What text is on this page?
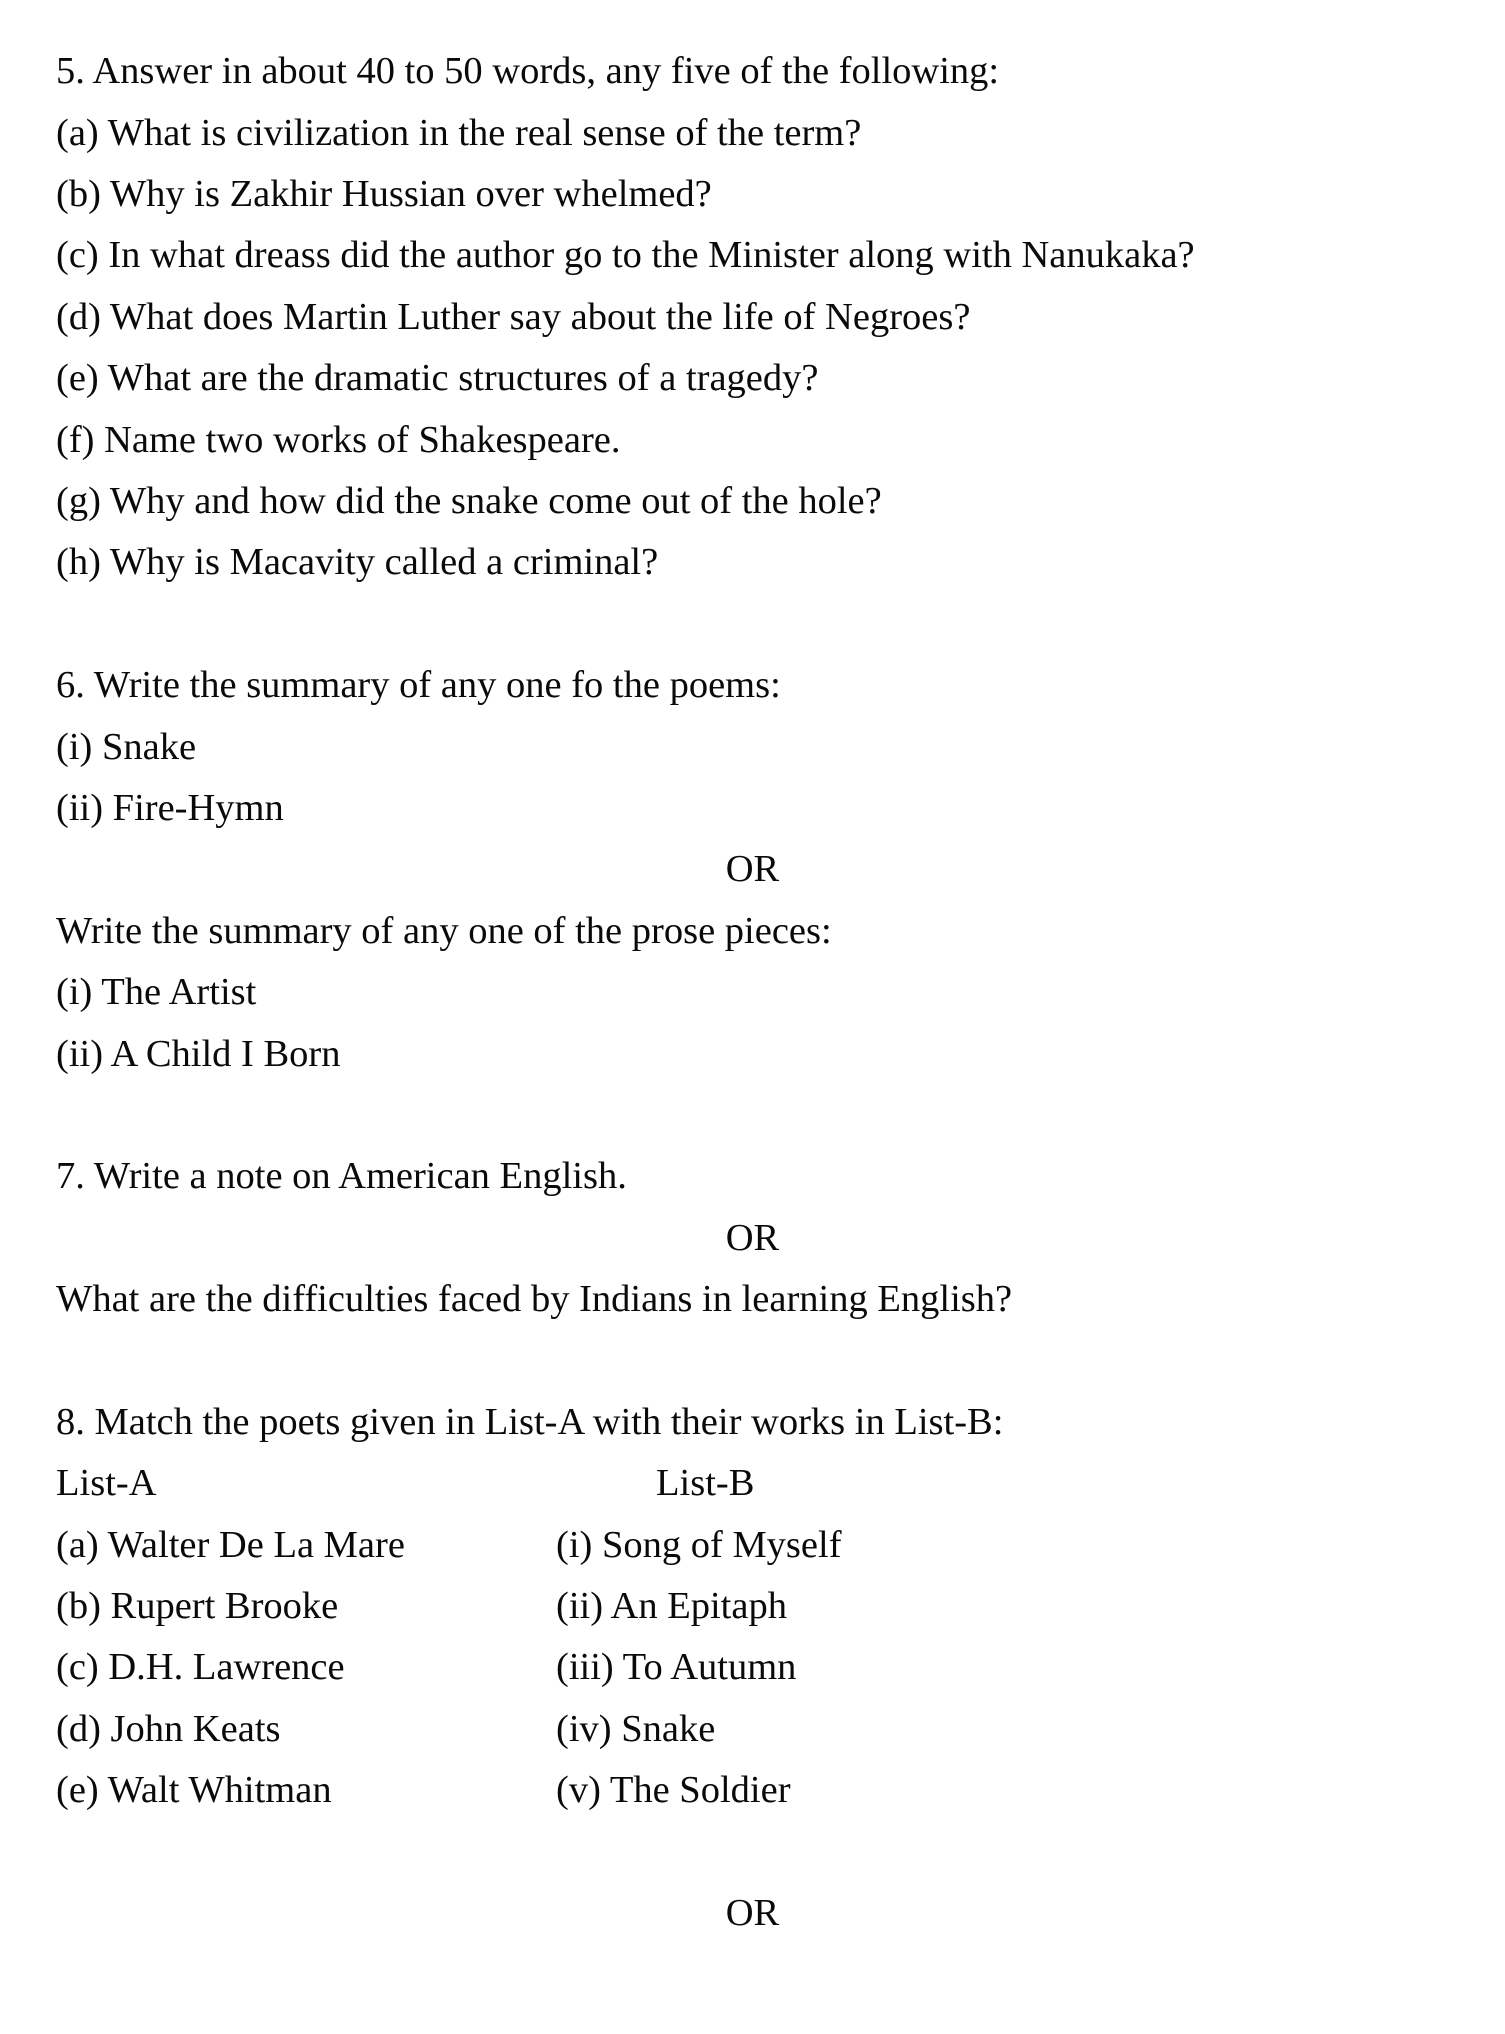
5. Answer in about 40 to 50 words, any five of the following:
(a) What is civilization in the real sense of the term?
(b) Why is Zakhir Hussian over whelmed?
(c) In what dreass did the author go to the Minister along with Nanukaka?
(d) What does Martin Luther say about the life of Negroes?
(e) What are the dramatic structures of a tragedy?
(f) Name two works of Shakespeare.
(g) Why and how did the snake come out of the hole?
(h) Why is Macavity called a criminal?
6. Write the summary of any one fo the poems:
(i) Snake
(ii) Fire-Hymn
OR
Write the summary of any one of the prose pieces:
(i) The Artist
(ii) A Child I Born
7. Write a note on American English.
OR
What are the difficulties faced by Indians in learning English?
8. Match the poets given in List-A with their works in List-B:
List-A	List-B
(a) Walter De La Mare	(i) Song of Myself
(b) Rupert Brooke	(ii) An Epitaph
(c) D.H. Lawrence	(iii) To Autumn
(d) John Keats	(iv) Snake
(e) Walt Whitman	(v) The Soldier
OR
